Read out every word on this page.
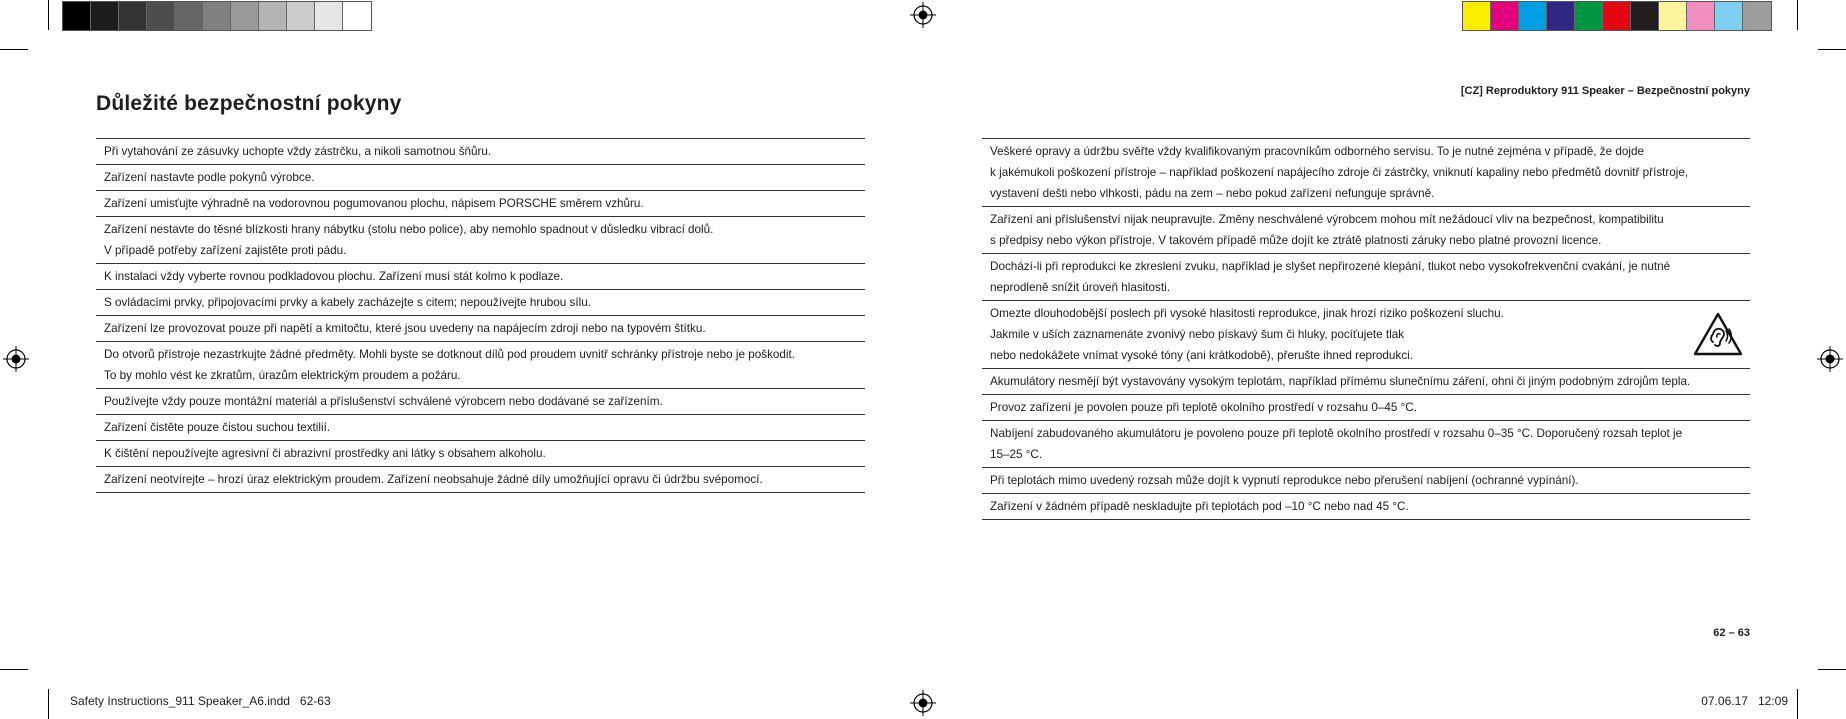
Důležité bezpečnostní pokyny
[CZ] Reproduktory 911 Speaker – Bezpečnostní pokyny
Při vytahování ze zásuvky uchopte vždy zástrčku, a nikoli samotnou šňůru.
Zařízení nastavte podle pokynů výrobce.
Zařízení umisťujte výhradně na vodorovnou pogumovanou plochu, nápisem PORSCHE směrem vzhůru.
Zařízení nestavte do těsné blízkosti hrany nábytku (stolu nebo police), aby nemohlo spadnout v důsledku vibrací dolů.
V případě potřeby zařízení zajistěte proti pádu.
K instalaci vždy vyberte rovnou podkladovou plochu. Zařízení musí stát kolmo k podlaze.
S ovládacími prvky, připojovacími prvky a kabely zacházejte s citem; nepoužívejte hrubou sílu.
Zařízení lze provozovat pouze při napětí a kmitočtu, které jsou uvedeny na napájecím zdroji nebo na typovém štítku.
Do otvorů přístroje nezastrkujte žádné předměty. Mohli byste se dotknout dílů pod proudem uvnitř schránky přístroje nebo je poškodit.
To by mohlo vést ke zkratům, úrazům elektrickým proudem a požáru.
Používejte vždy pouze montážní materiál a příslušenství schválené výrobcem nebo dodávané se zařízením.
Zařízení čistěte pouze čistou suchou textilií.
K čištění nepoužívejte agresivní či abrazivní prostředky ani látky s obsahem alkoholu.
Zařízení neotvírejte – hrozí úraz elektrickým proudem. Zařízení neobsahuje žádné díly umožňující opravu či údržbu svépomocí.
Veškeré opravy a údržbu svěřte vždy kvalifikovaným pracovníkům odborného servisu. To je nutné zejména v případě, že dojde
k jakémukoli poškození přístroje – například poškození napájecího zdroje či zástrčky, vniknutí kapaliny nebo předmětů dovnitř přístroje,
vystavení dešti nebo vlhkosti, pádu na zem – nebo pokud zařízení nefunguje správně.
Zařízení ani příslušenství nijak neupravujte. Změny neschválené výrobcem mohou mít nežádoucí vliv na bezpečnost, kompatibilitu
s předpisy nebo výkon přístroje. V takovém případě může dojít ke ztrátě platnosti záruky nebo platné provozní licence.
Dochází-li při reprodukci ke zkreslení zvuku, například je slyšet nepřirozené klepání, tlukot nebo vysokofrekvenční cvakání, je nutné
neprodleně snížit úroveň hlasitosti.
Omezte dlouhodobější poslech při vysoké hlasitosti reprodukce, jinak hrozí riziko poškození sluchu.
Jakmile v uších zaznamenáte zvonivý nebo pískavý šum či hluky, pocíťujete tlak
nebo nedokážete vnímat vysoké tóny (ani krátkodobě), přerušte ihned reprodukci.
Akumulátory nesmějí být vystavovány vysokým teplotám, například přímému slunečnímu záření, ohni či jiným podobným zdrojům tepla.
Provoz zařízení je povolen pouze při teplotě okolního prostředí v rozsahu 0–45 °C.
Nabíjení zabudovaného akumulátoru je povoleno pouze při teplotě okolního prostředí v rozsahu 0–35 °C. Doporučený rozsah teplot je
15–25 °C.
Při teplotách mimo uvedený rozsah může dojít k vypnutí reprodukce nebo přerušení nabíjení (ochranné vypínání).
Zařízení v žádném případě neskladujte při teplotách pod –10 °C nebo nad 45 °C.
62 – 63
Safety Instructions_911 Speaker_A6.indd   62-63	07.06.17   12:09
